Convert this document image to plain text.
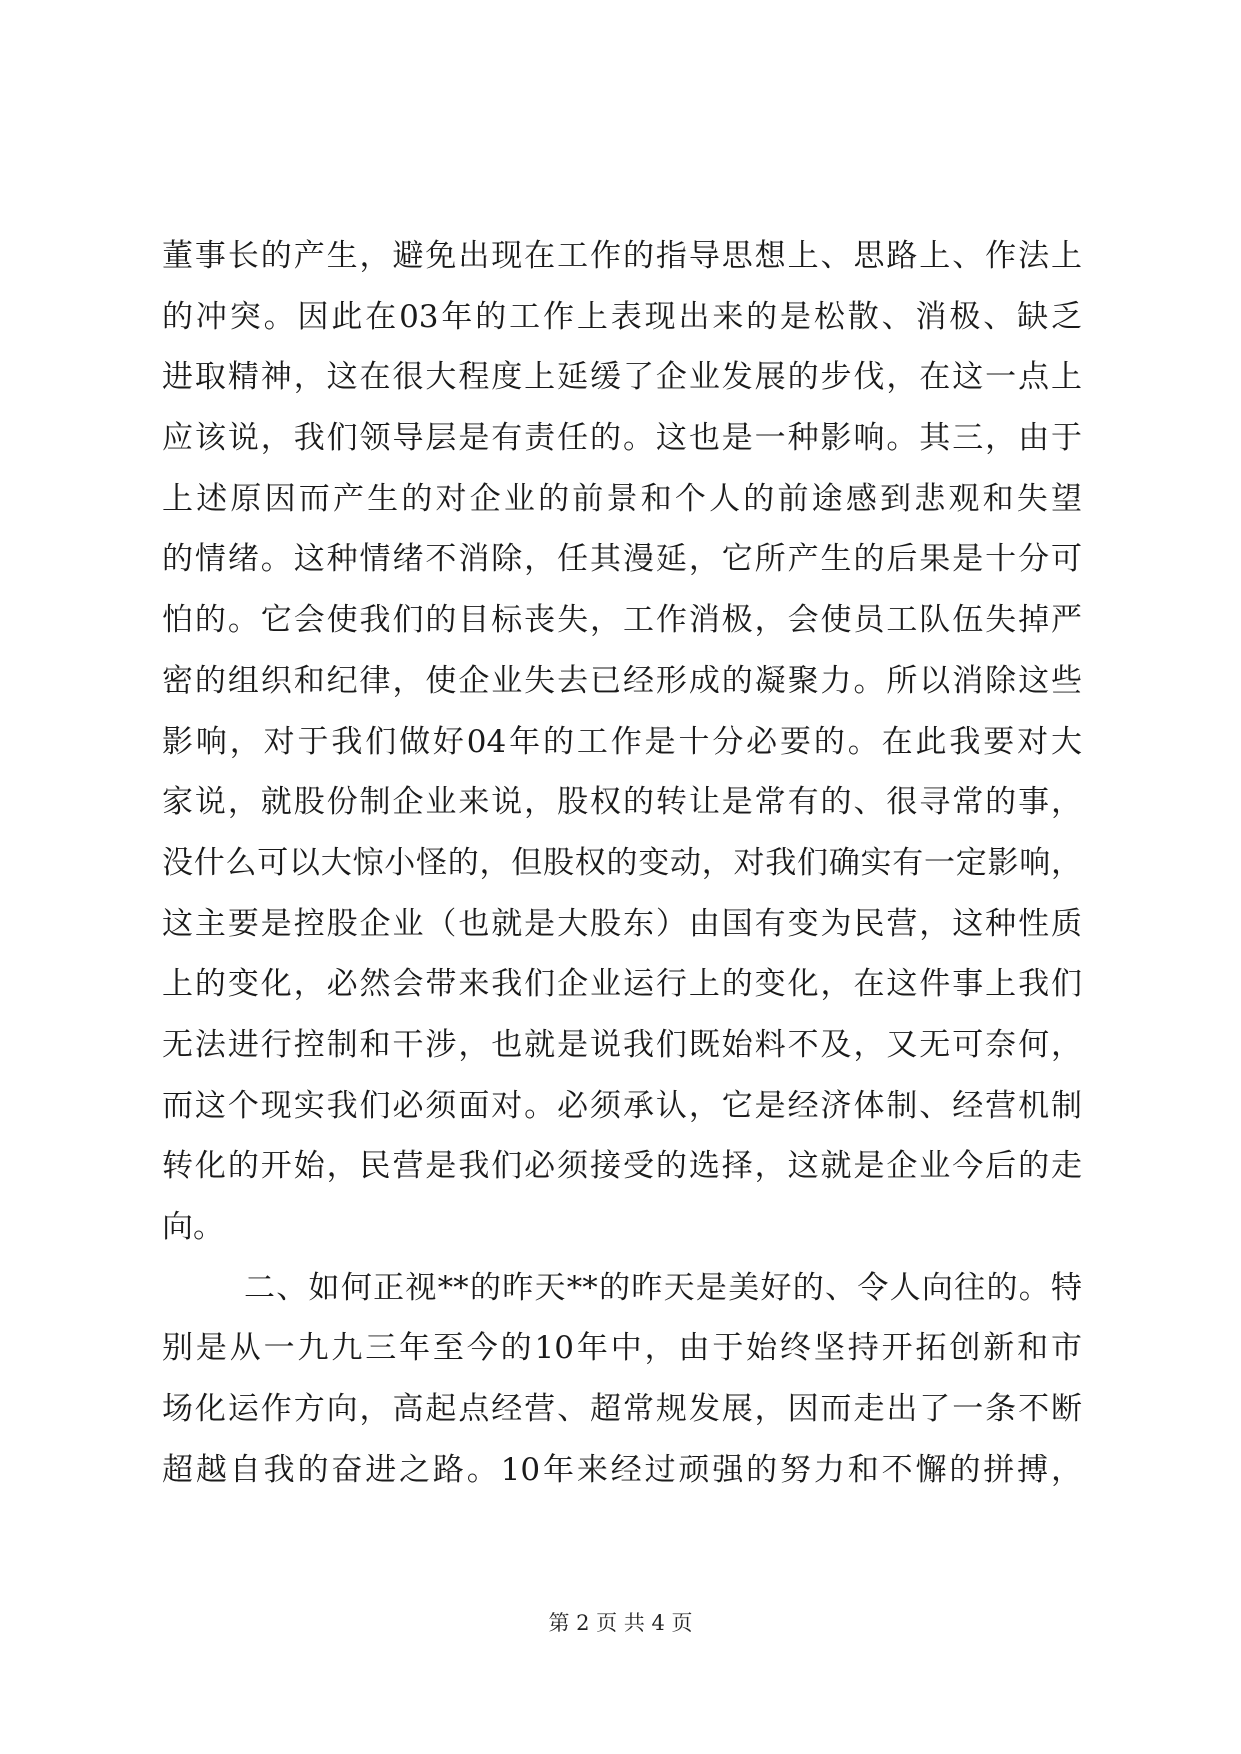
董事长的产生，避免出现在工作的指导思想上、思路上、作法上
的冲突。因此在03年的工作上表现出来的是松散、消极、缺乏
进取精神，这在很大程度上延缓了企业发展的步伐，在这一点上
应该说，我们领导层是有责任的。这也是一种影响。其三，由于
上述原因而产生的对企业的前景和个人的前途感到悲观和失望
的情绪。这种情绪不消除，任其漫延，它所产生的后果是十分可
怕的。它会使我们的目标丧失，工作消极，会使员工队伍失掉严
密的组织和纪律，使企业失去已经形成的凝聚力。所以消除这些
影响，对于我们做好04年的工作是十分必要的。在此我要对大
家说，就股份制企业来说，股权的转让是常有的、很寻常的事，
没什么可以大惊小怪的，但股权的变动，对我们确实有一定影响，
这主要是控股企业（也就是大股东）由国有变为民营，这种性质
上的变化，必然会带来我们企业运行上的变化，在这件事上我们
无法进行控制和干涉，也就是说我们既始料不及，又无可奈何，
而这个现实我们必须面对。必须承认，它是经济体制、经营机制
转化的开始，民营是我们必须接受的选择，这就是企业今后的走
向。
二、如何正视**的昨天**的昨天是美好的、令人向往的。特
别是从一九九三年至今的10年中，由于始终坚持开拓创新和市
场化运作方向，高起点经营、超常规发展，因而走出了一条不断
超越自我的奋进之路。10年来经过顽强的努力和不懈的拼搏，
第 2 页 共 4 页
